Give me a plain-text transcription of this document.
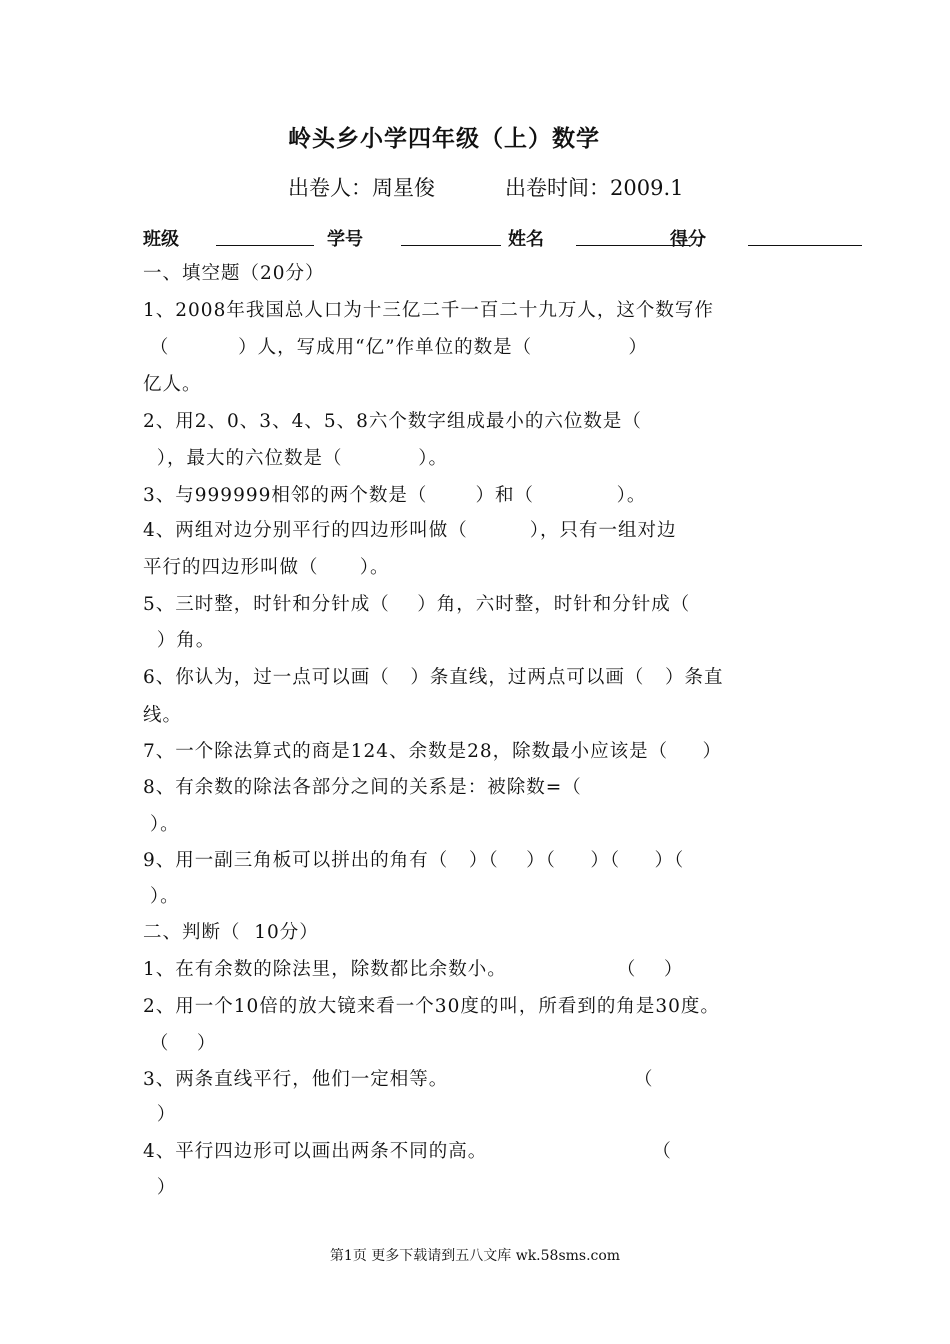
岭头乡小学四年级（上）数学
出卷人：周星俊	出卷时间：2009.1
班级	学号	姓名	得分
一、填空题（20分）
1、2008年我国总人口为十三亿二千一百二十九万人，这个数写作
（          ）人，写成用“亿”作单位的数是（              ）
亿人。
2、用2、0、3、4、5、8六个数字组成最小的六位数是（
），最大的六位数是（           ）。
3、与999999相邻的两个数是（       ）和（            ）。
4、两组对边分别平行的四边形叫做（         ），只有一组对边
平行的四边形叫做（      ）。
5、三时整，时针和分针成（    ）角，六时整，时针和分针成（
）角。
6、你认为，过一点可以画（   ）条直线，过两点可以画（   ）条直
线。
7、一个除法算式的商是124、余数是28，除数最小应该是（     ）
8、有余数的除法各部分之间的关系是：被除数=（
）。
9、用一副三角板可以拼出的角有（   ）（    ）（     ）（     ）（
）。
二、判断（  10分）
1、在有余数的除法里，除数都比余数小。                （    ）
2、用一个10倍的放大镜来看一个30度的叫，所看到的角是30度。
（    ）
3、两条直线平行，他们一定相等。                           （
）
4、平行四边形可以画出两条不同的高。                        （
）
第1页 更多下载请到五八文库 wk.58sms.com
